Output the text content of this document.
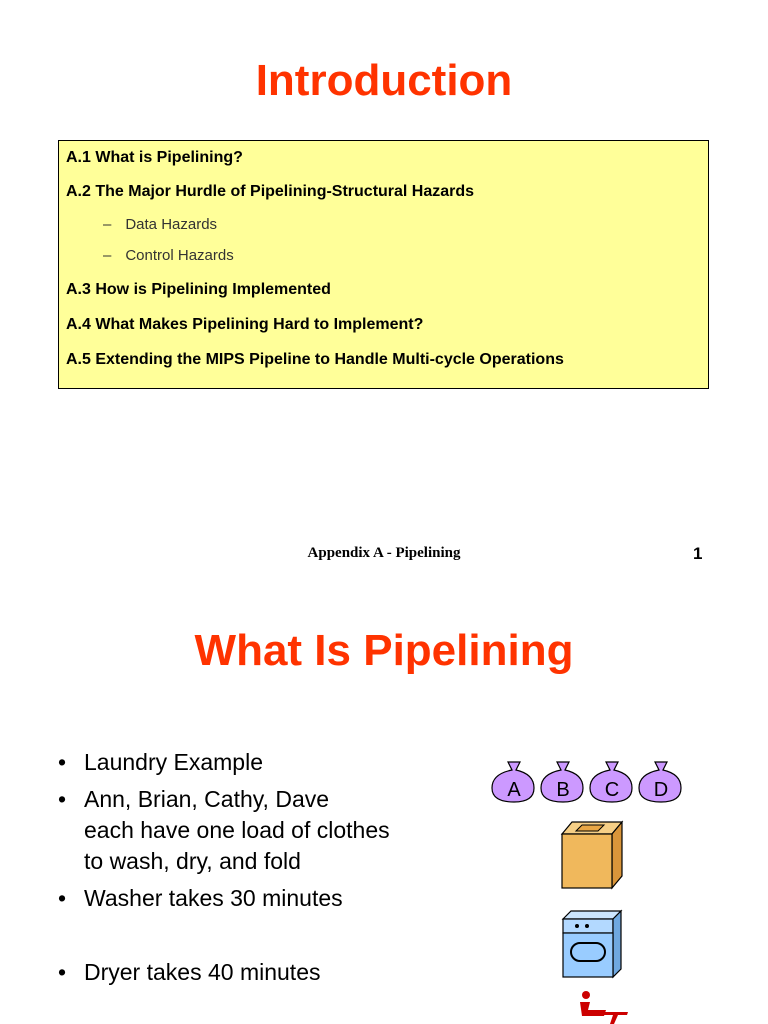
Introduction
A.1 What is Pipelining?
A.2 The Major Hurdle of Pipelining-Structural Hazards
– Data Hazards
– Control Hazards
A.3 How is Pipelining Implemented
A.4 What Makes Pipelining Hard to Implement?
A.5 Extending the MIPS Pipeline to Handle Multi-cycle Operations
Appendix A - Pipelining	1
What Is Pipelining
• Laundry Example
• Ann, Brian, Cathy, Dave
each have one load of clothes
to wash, dry, and fold
• Washer takes 30 minutes
• Dryer takes 40 minutes
A B C D
